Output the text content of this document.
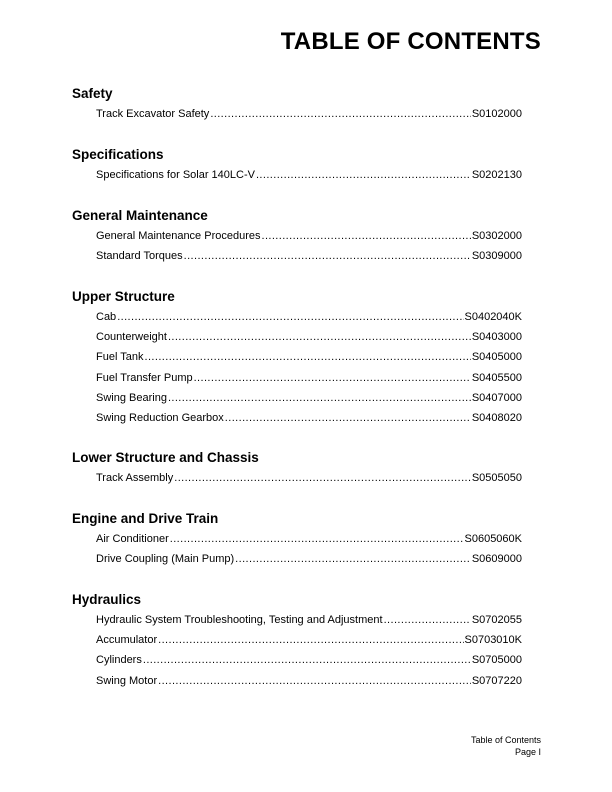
TABLE OF CONTENTS
Safety
Track Excavator Safety .....	S0102000
Specifications
Specifications for Solar 140LC-V .....	S0202130
General Maintenance
General Maintenance Procedures .....	S0302000
Standard Torques .....	S0309000
Upper Structure
Cab .....	S0402040K
Counterweight .....	S0403000
Fuel Tank .....	S0405000
Fuel Transfer Pump .....	S0405500
Swing Bearing .....	S0407000
Swing Reduction Gearbox .....	S0408020
Lower Structure and Chassis
Track Assembly .....	S0505050
Engine and Drive Train
Air Conditioner .....	S0605060K
Drive Coupling (Main Pump) .....	S0609000
Hydraulics
Hydraulic System Troubleshooting, Testing and Adjustment .....	S0702055
Accumulator .....	S0703010K
Cylinders .....	S0705000
Swing Motor .....	S0707220
Table of Contents
Page I
